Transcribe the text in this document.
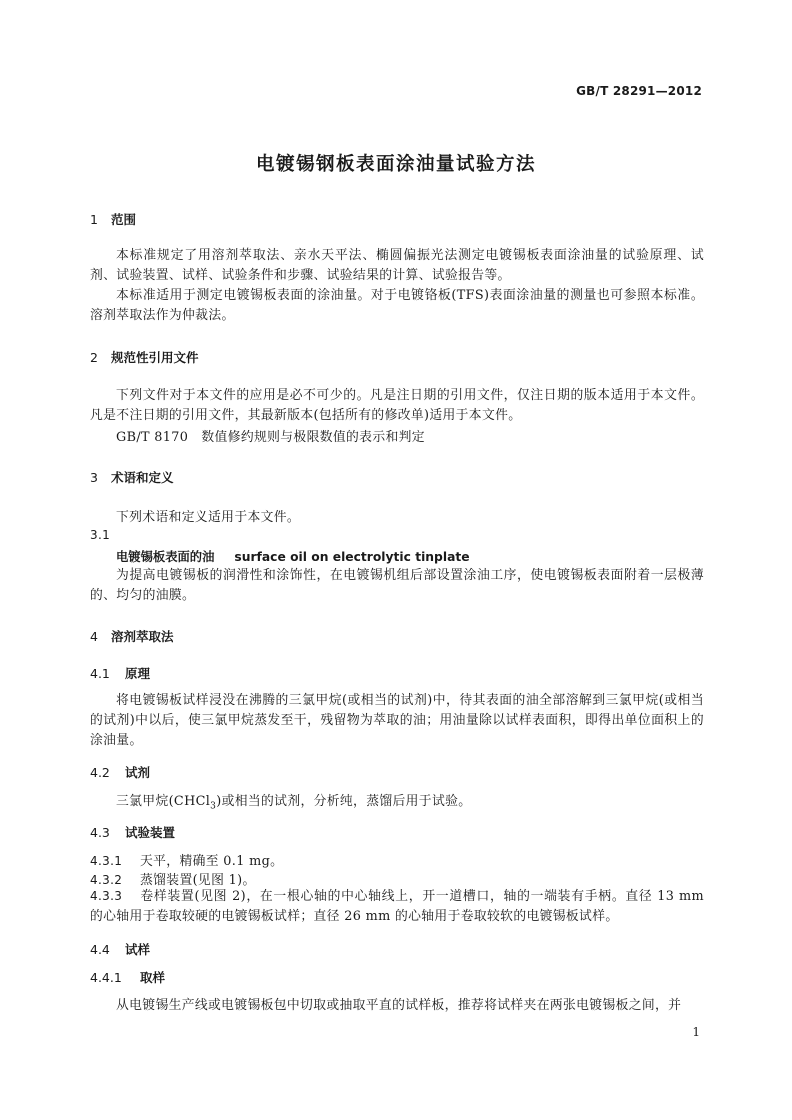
GB/T 28291—2012
电镀锡钢板表面涂油量试验方法
1 范围
本标准规定了用溶剂萃取法、亲水天平法、椭圆偏振光法测定电镀锡板表面涂油量的试验原理、试剂、试验装置、试样、试验条件和步骤、试验结果的计算、试验报告等。
本标准适用于测定电镀锡板表面的涂油量。对于电镀铬板(TFS)表面涂油量的测量也可参照本标准。溶剂萃取法作为仲裁法。
2 规范性引用文件
下列文件对于本文件的应用是必不可少的。凡是注日期的引用文件，仅注日期的版本适用于本文件。凡是不注日期的引用文件，其最新版本(包括所有的修改单)适用于本文件。
GB/T 8170　数值修约规则与极限数值的表示和判定
3 术语和定义
下列术语和定义适用于本文件。
3.1
电镀锡板表面的油 surface oil on electrolytic tinplate
为提高电镀锡板的润滑性和涂饰性，在电镀锡机组后部设置涂油工序，使电镀锡板表面附着一层极薄的、均匀的油膜。
4 溶剂萃取法
4.1 原理
将电镀锡板试样浸没在沸腾的三氯甲烷(或相当的试剂)中，待其表面的油全部溶解到三氯甲烷(或相当的试剂)中以后，使三氯甲烷蒸发至干，残留物为萃取的油；用油量除以试样表面积，即得出单位面积上的涂油量。
4.2 试剂
三氯甲烷(CHCl$_3$)或相当的试剂，分析纯，蒸馏后用于试验。
4.3 试验装置
4.3.1 天平，精确至 0.1 mg。
4.3.2 蒸馏装置(见图 1)。
4.3.3 卷样装置(见图 2)，在一根心轴的中心轴线上，开一道槽口，轴的一端装有手柄。直径 13 mm 的心轴用于卷取较硬的电镀锡板试样；直径 26 mm 的心轴用于卷取较软的电镀锡板试样。
4.4 试样
4.4.1 取样
从电镀锡生产线或电镀锡板包中切取或抽取平直的试样板，推荐将试样夹在两张电镀锡板之间，并
1
